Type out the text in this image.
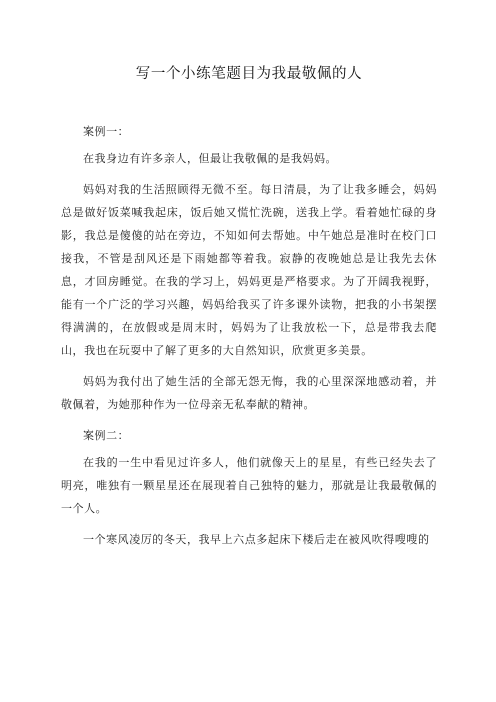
写一个小练笔题目为我最敬佩的人

案例一：

在我身边有许多亲人，但最让我敬佩的是我妈妈。

妈妈对我的生活照顾得无微不至。每日清晨，为了让我多睡会，妈妈总是做好饭菜喊我起床，饭后她又慌忙洗碗，送我上学。看着她忙碌的身影，我总是傻傻的站在旁边，不知如何去帮她。中午她总是准时在校门口接我，不管是刮风还是下雨她都等着我。寂静的夜晚她总是让我先去休息，才回房睡觉。在我的学习上，妈妈更是严格要求。为了开阔我视野，能有一个广泛的学习兴趣，妈妈给我买了许多课外读物，把我的小书架摆得满满的，在放假或是周末时，妈妈为了让我放松一下，总是带我去爬山，我也在玩耍中了解了更多的大自然知识，欣赏更多美景。

妈妈为我付出了她生活的全部无怨无悔，我的心里深深地感动着，并敬佩着，为她那种作为一位母亲无私奉献的精神。

案例二：

在我的一生中看见过许多人，他们就像天上的星星，有些已经失去了明亮，唯独有一颗星星还在展现着自己独特的魅力，那就是让我最敬佩的一个人。

一个寒风凌厉的冬天，我早上六点多起床下楼后走在被风吹得嗖嗖的
